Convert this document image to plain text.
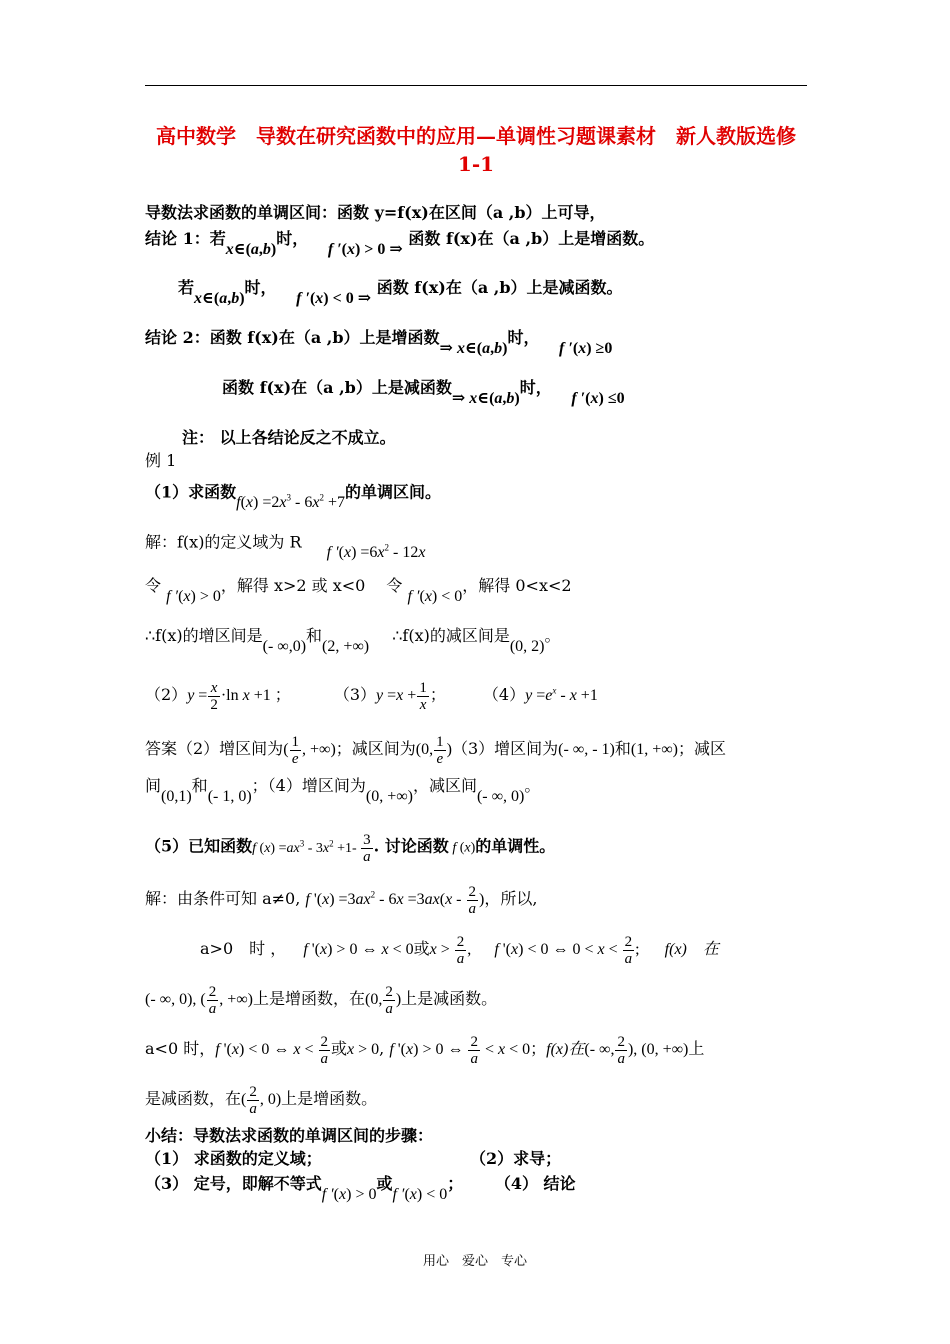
高中数学　导数在研究函数中的应用—单调性习题课素材　新人教版选修1-1
导数法求函数的单调区间：函数 y=f(x)在区间（a ,b）上可导，
结论 1：若x∈(a,b)时， f ′(x) > 0 ⇒ 函数 f(x)在（a ,b）上是增函数。
若x∈(a,b)时， f ′(x) < 0 ⇒ 函数 f(x)在（a ,b）上是减函数。
结论 2：函数 f(x)在（a ,b）上是增函数⇒ x∈(a,b)时， f ′(x) ≥0
函数 f(x)在（a ,b）上是减函数⇒ x∈(a,b)时， f ′(x) ≤0
注： 以上各结论反之不成立。
例 1
（1）求函数$f(x) =2x^3 - 6x^2 +7$的单调区间。
解：f(x)的定义域为 R f $'(x) =6x^2 - 12x$
令 f ′(x) > 0，解得 x>2 或 x<0　 令 f ′(x) < 0，解得 0<x<2
∴f(x)的增区间是(- ∞,0)和(2, +∞) ∴f(x)的减区间是(0, 2)。
$(2)y = \frac{x}{2} \cdot\ln$ x +1 ；	$(3)y =x + \frac{1}{x}$ ； $(4)y =e^x - x +1$
答案（2）增区间为( $\frac{1}{e}$ , +∞)；减区间为(0, $\frac{1}{e} )(3)$增区间为(- ∞, - 1)和(1, +∞)；减区
间(0,1)和(- 1, 0)；（4）增区间为(0, +∞)，减区间(- ∞, 0)。
（5）已知函数f $(x) =ax^3 - 3x^2 +1- \frac{3}{a}$ . 讨论函数 f (x)的单调性。
解：由条件可知 a≠0, f '$(x) =3ax^2 - 6x =3ax(x - \frac{2}{a}$ )，所以,
a>0　时 ， f '(x) > 0 ⇔ x < 0或$x > \frac{2}{a}$ , f '(x) < 0 ⇔ $0 < x < \frac{2}{a}$ ; f(x)　在
(- ∞, 0), ( $\frac{2}{a}$ , +∞)上是增函数，在(0, $\frac{2}{a}$ )上是减函数。
a<0 时，f '(x) < 0 ⇔ $x < \frac{2}{a}$ 或x > 0, f '(x) > 0 ⇔ $\frac{2}{a} < x < 0$；f(x)在(- ∞, $\frac{2}{a}$ ), (0, +∞)上
是减函数，在( $\frac{2}{a}$ , 0)上是增函数。
小结：导数法求函数的单调区间的步骤：
（1） 求函数的定义域；	（2）求导；
（3） 定号，即解不等式f ′(x) > 0或f ′(x) < 0； （4） 结论
用心　爱心　专心
